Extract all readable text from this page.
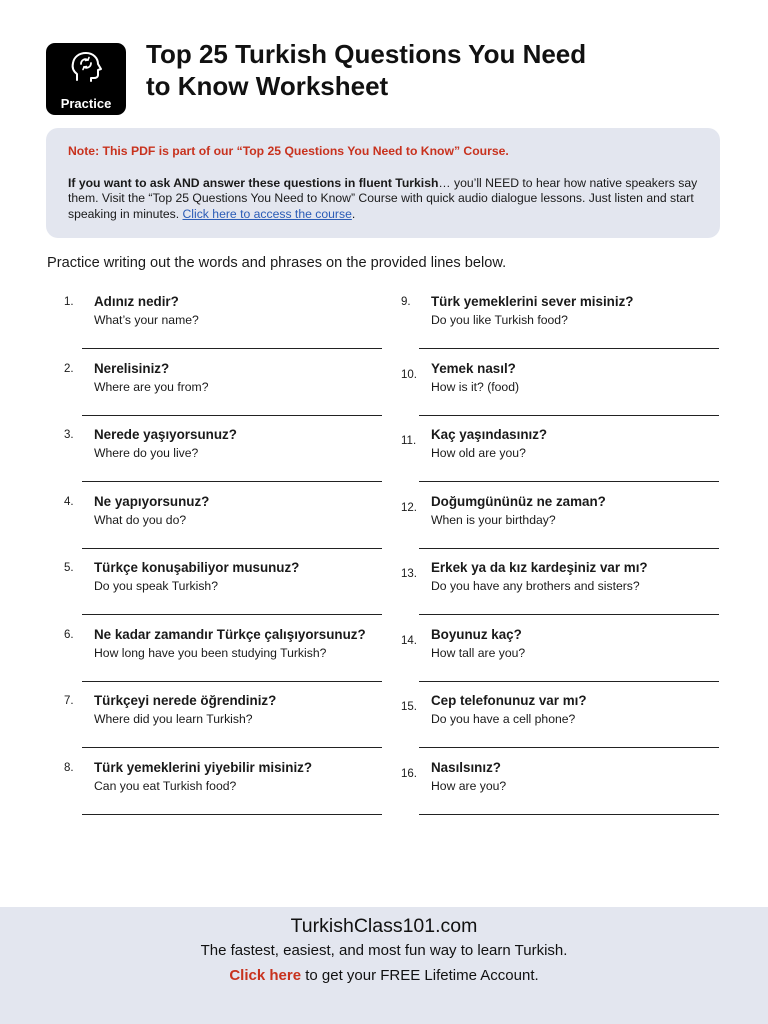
Practice
Top 25 Turkish Questions You Need
to Know Worksheet
Note: This PDF is part of our “Top 25 Questions You Need to Know” Course.
If you want to ask AND answer these questions in fluent Turkish… you’ll NEED to hear how native speakers say them. Visit the “Top 25 Questions You Need to Know” Course with quick audio dialogue lessons. Just listen and start speaking in minutes. Click here to access the course.
Practice writing out the words and phrases on the provided lines below.
1.	Adınız nedir?
What’s your name?
2.	Nerelisiniz?
Where are you from?
3.	Nerede yaşıyorsunuz?
Where do you live?
4.	Ne yapıyorsunuz?
What do you do?
5.	Türkçe konuşabiliyor musunuz?
Do you speak Turkish?
6.	Ne kadar zamandır Türkçe çalışıyorsunuz?
How long have you been studying Turkish?
7.	Türkçeyi nerede öğrendiniz?
Where did you learn Turkish?
8.	Türk yemeklerini yiyebilir misiniz?
Can you eat Turkish food?
9.	Türk yemeklerini sever misiniz?
Do you like Turkish food?
10.	Yemek nasıl?
How is it? (food)
11.	Kaç yaşındasınız?
How old are you?
12.	Doğumgününüz ne zaman?
When is your birthday?
13.	Erkek ya da kız kardeşiniz var mı?
Do you have any brothers and sisters?
14.	Boyunuz kaç?
How tall are you?
15.	Cep telefonunuz var mı?
Do you have a cell phone?
16.	Nasılsınız?
How are you?
TurkishClass101.com
The fastest, easiest, and most fun way to learn Turkish.
Click here to get your FREE Lifetime Account.
